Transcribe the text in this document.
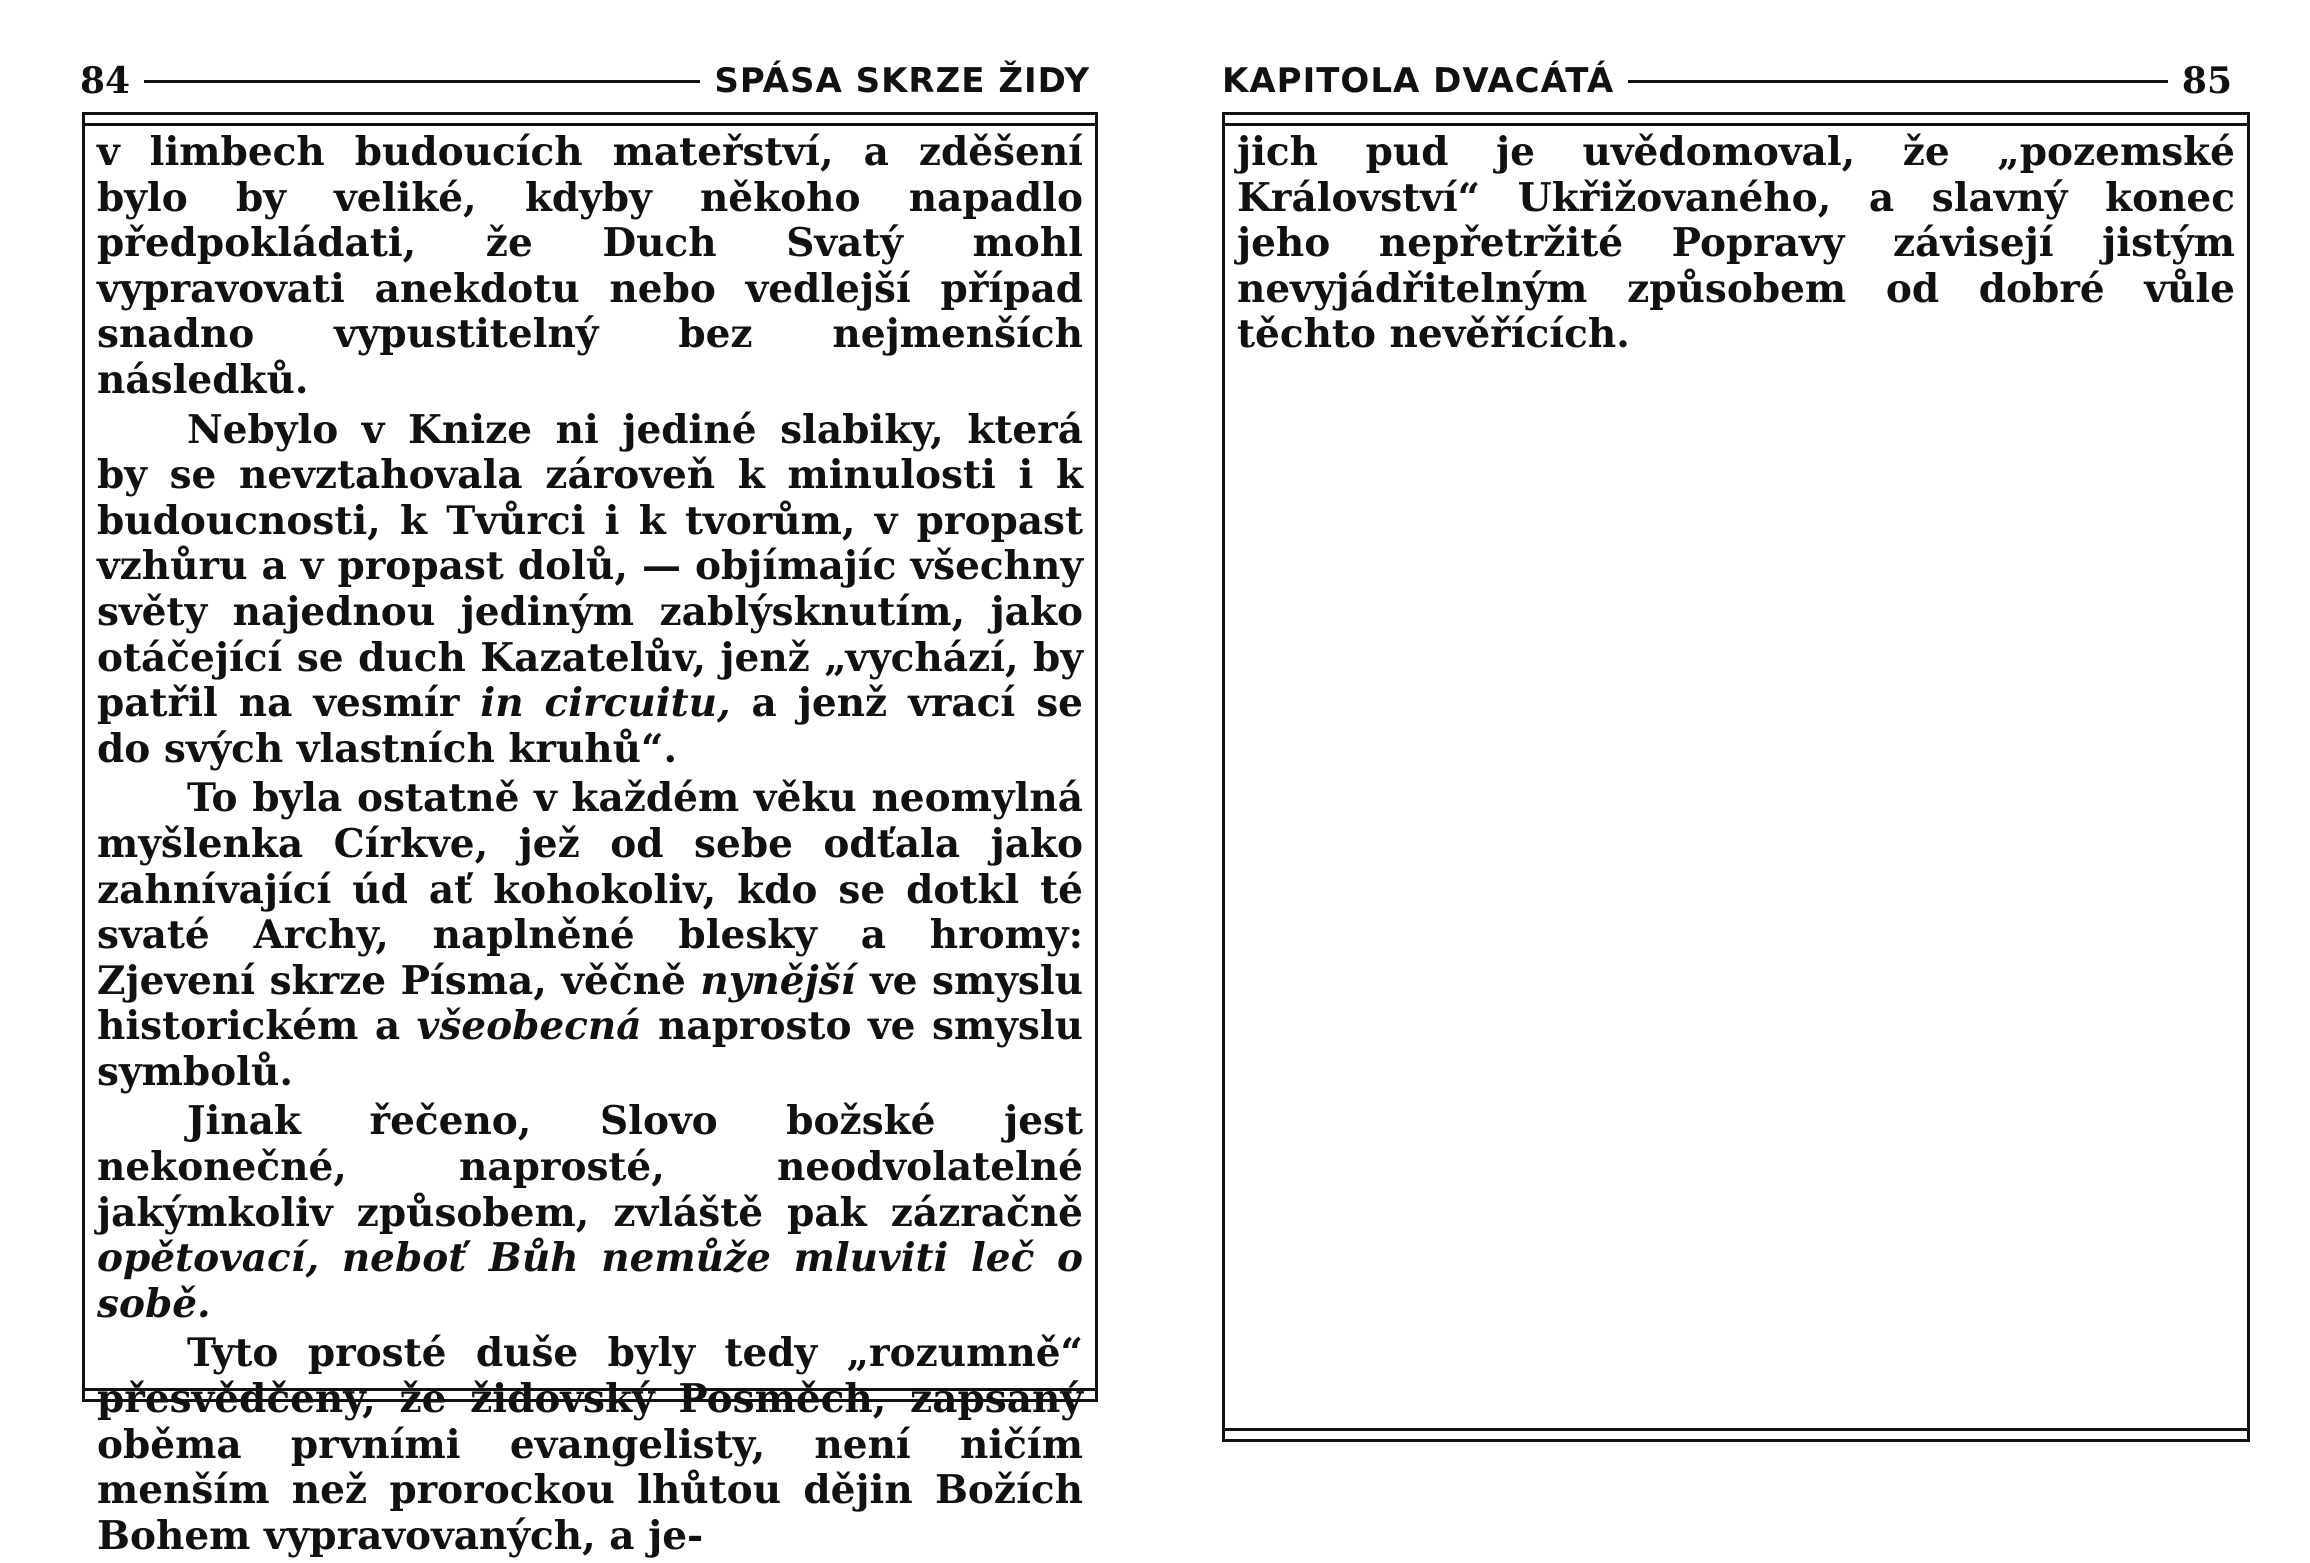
84	SPÁSA SKRZE ŽIDY

v limbech budoucích mateřství, a zděšení bylo by veliké, kdyby někoho napadlo předpokládati, že Duch Svatý mohl vypravovati anekdotu nebo vedlejší případ snadno vypustitelný bez nejmenších následků.

Nebylo v Knize ni jediné slabiky, která by se nevztahovala zároveň k minulosti i k budoucnosti, k Tvůrci i k tvorům, v propast vzhůru a v propast dolů, — objímajíc všechny světy najednou jediným zablýsknutím, jako otáčející se duch Kazatelův, jenž „vychází, by patřil na vesmír in circuitu, a jenž vrací se do svých vlastních kruhů“.

To byla ostatně v každém věku neomylná myšlenka Církve, jež od sebe odťala jako zahnívající úd ať kohokoliv, kdo se dotkl té svaté Archy, naplněné blesky a hromy: Zjevení skrze Písma, věčně nynější ve smyslu historickém a všeobecná naprosto ve smyslu symbolů.

Jinak řečeno, Slovo božské jest nekonečné, naprosté, neodvolatelné jakýmkoliv způsobem, zvláště pak zázračně opětovací, neboť Bůh nemůže mluviti leč o sobě.

Tyto prosté duše byly tedy „rozumně“ přesvědčeny, že židovský Posměch, zapsaný oběma prvními evangelisty, není ničím menším než prorockou lhůtou dějin Božích Bohem vypravovaných, a je-

KAPITOLA DVACÁTÁ	85

jich pud je uvědomoval, že „pozemské Království“ Ukřižovaného, a slavný konec jeho nepřetržité Popravy závisejí jistým nevyjádřitelným způsobem od dobré vůle těchto nevěřících.
